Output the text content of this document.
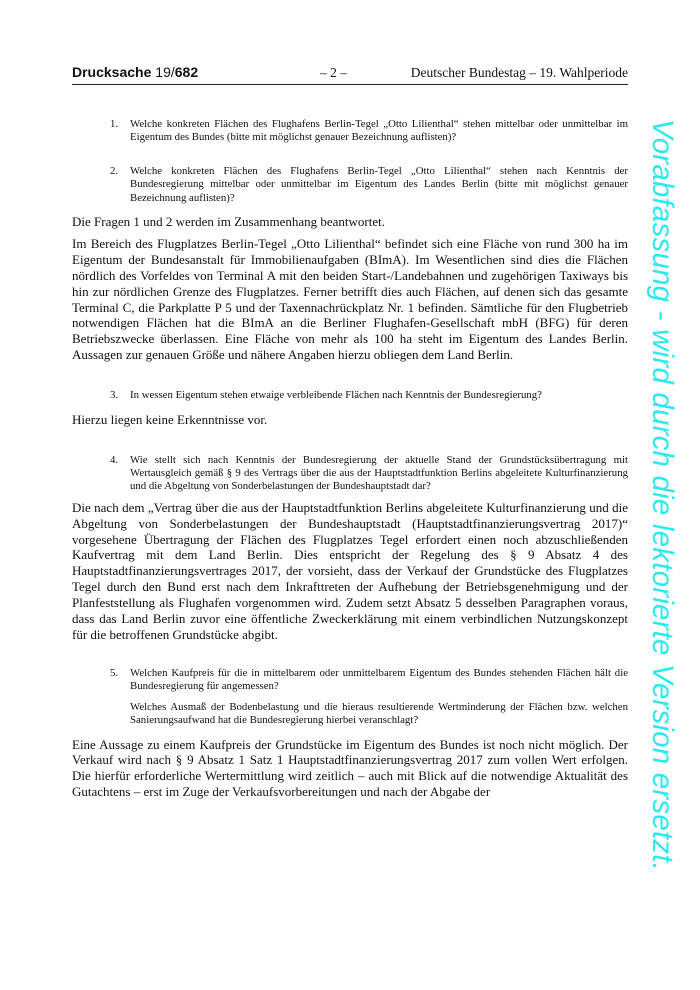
Drucksache 19/682	– 2 –	Deutscher Bundestag – 19. Wahlperiode
1. Welche konkreten Flächen des Flughafens Berlin-Tegel „Otto Lilienthal“ stehen mittelbar oder unmittelbar im Eigentum des Bundes (bitte mit möglichst genauer Bezeichnung auflisten)?

2. Welche konkreten Flächen des Flughafens Berlin-Tegel „Otto Lilienthal“ stehen nach Kenntnis der Bundesregierung mittelbar oder unmittelbar im Eigentum des Landes Berlin (bitte mit möglichst genauer Bezeichnung auflisten)?

Die Fragen 1 und 2 werden im Zusammenhang beantwortet.

Im Bereich des Flugplatzes Berlin-Tegel „Otto Lilienthal“ befindet sich eine Fläche von rund 300 ha im Eigentum der Bundesanstalt für Immobilienaufgaben (BImA). Im Wesentlichen sind dies die Flächen nördlich des Vorfeldes von Terminal A mit den beiden Start-/Landebahnen und zugehörigen Taxiways bis hin zur nördlichen Grenze des Flugplatzes. Ferner betrifft dies auch Flächen, auf denen sich das gesamte Terminal C, die Parkplatte P 5 und der Taxennachrückplatz Nr. 1 befinden. Sämtliche für den Flugbetrieb notwendigen Flächen hat die BImA an die Berliner Flughafen-Gesellschaft mbH (BFG) für deren Betriebszwecke überlassen. Eine Fläche von mehr als 100 ha steht im Eigentum des Landes Berlin. Aussagen zur genauen Größe und nähere Angaben hierzu obliegen dem Land Berlin.

3. In wessen Eigentum stehen etwaige verbleibende Flächen nach Kenntnis der Bundesregierung?

Hierzu liegen keine Erkenntnisse vor.

4. Wie stellt sich nach Kenntnis der Bundesregierung der aktuelle Stand der Grundstücksübertragung mit Wertausgleich gemäß § 9 des Vertrags über die aus der Hauptstadtfunktion Berlins abgeleitete Kulturfinanzierung und die Abgeltung von Sonderbelastungen der Bundeshauptstadt dar?

Die nach dem „Vertrag über die aus der Hauptstadtfunktion Berlins abgeleitete Kulturfinanzierung und die Abgeltung von Sonderbelastungen der Bundeshauptstadt (Hauptstadtfinanzierungsvertrag 2017)“ vorgesehene Übertragung der Flächen des Flugplatzes Tegel erfordert einen noch abzuschließenden Kaufvertrag mit dem Land Berlin. Dies entspricht der Regelung des § 9 Absatz 4 des Hauptstadtfinanzierungsvertrages 2017, der vorsieht, dass der Verkauf der Grundstücke des Flugplatzes Tegel durch den Bund erst nach dem Inkrafttreten der Aufhebung der Betriebsgenehmigung und der Planfeststellung als Flughafen vorgenommen wird. Zudem setzt Absatz 5 desselben Paragraphen voraus, dass das Land Berlin zuvor eine öffentliche Zweckerklärung mit einem verbindlichen Nutzungskonzept für die betroffenen Grundstücke abgibt.

5. Welchen Kaufpreis für die in mittelbarem oder unmittelbarem Eigentum des Bundes stehenden Flächen hält die Bundesregierung für angemessen?

Welches Ausmaß der Bodenbelastung und die hieraus resultierende Wertminderung der Flächen bzw. welchen Sanierungsaufwand hat die Bundesregierung hierbei veranschlagt?

Eine Aussage zu einem Kaufpreis der Grundstücke im Eigentum des Bundes ist noch nicht möglich. Der Verkauf wird nach § 9 Absatz 1 Satz 1 Hauptstadtfinanzierungsvertrag 2017 zum vollen Wert erfolgen. Die hierfür erforderliche Wertermittlung wird zeitlich – auch mit Blick auf die notwendige Aktualität des Gutachtens – erst im Zuge der Verkaufsvorbereitungen und nach der Abgabe der	Vorabfassung - wird durch die lektorierte Version ersetzt.
